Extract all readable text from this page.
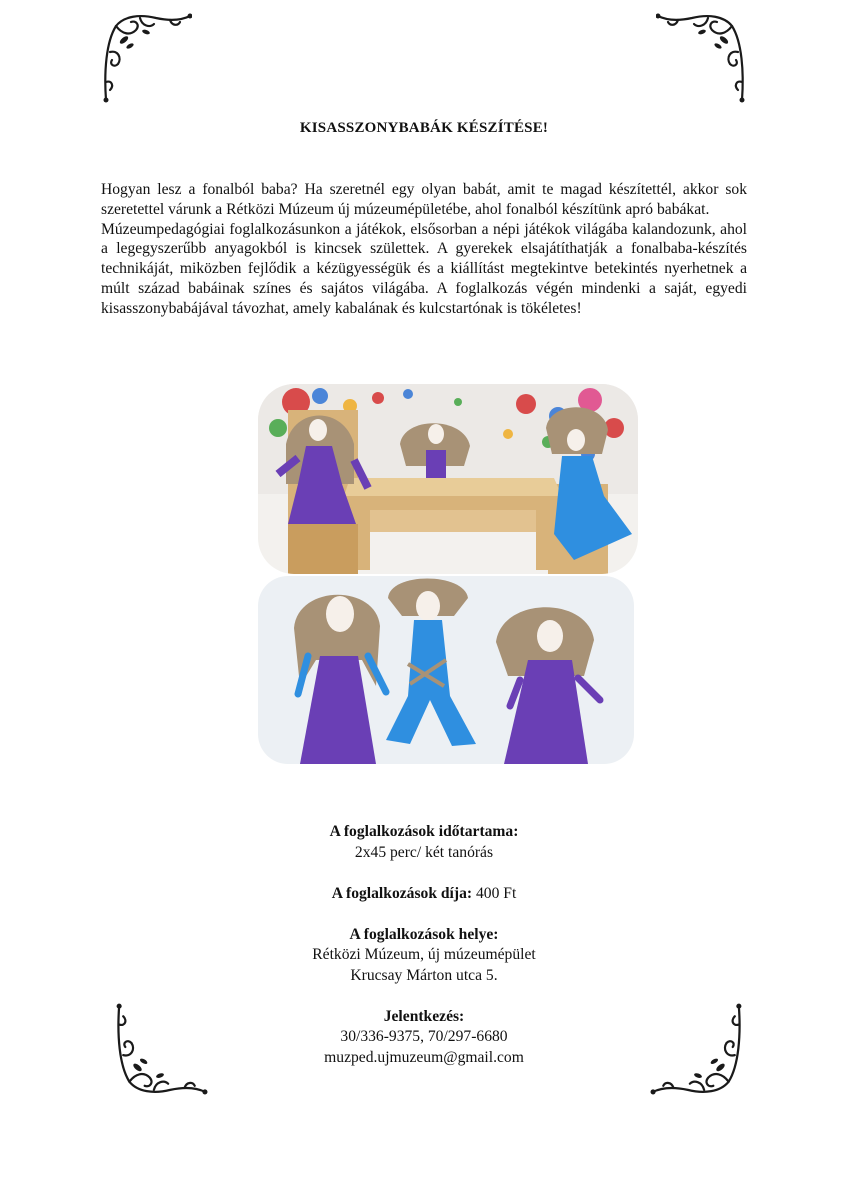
KISASSZONYBABÁK KÉSZÍTÉSE!

Hogyan lesz a fonalból baba? Ha szeretnél egy olyan babát, amit te magad készítettél, akkor sok szeretettel várunk a Rétközi Múzeum új múzeumépületébe, ahol fonalból készítünk apró babákat.

Múzeumpedagógiai foglalkozásunkon a játékok, elsősorban a népi játékok világába kalandozunk, ahol a legegyszerűbb anyagokból is kincsek születtek. A gyerekek elsajátíthatják a fonalbaba-készítés technikáját, miközben fejlődik a kézügyességük és a kiállítást megtekintve betekintés nyerhetnek a múlt század babáinak színes és sajátos világába. A foglalkozás végén mindenki a saját, egyedi kisasszonybabájával távozhat, amely kabalának és kulcstartónak is tökéletes!

A foglalkozások időtartama:
2x45 perc/ két tanórás
A foglalkozások díja: 400 Ft
A foglalkozások helye:
Rétközi Múzeum, új múzeumépület
Krucsay Márton utca 5.
Jelentkezés:
30/336-9375, 70/297-6680
muzped.ujmuzeum@gmail.com
